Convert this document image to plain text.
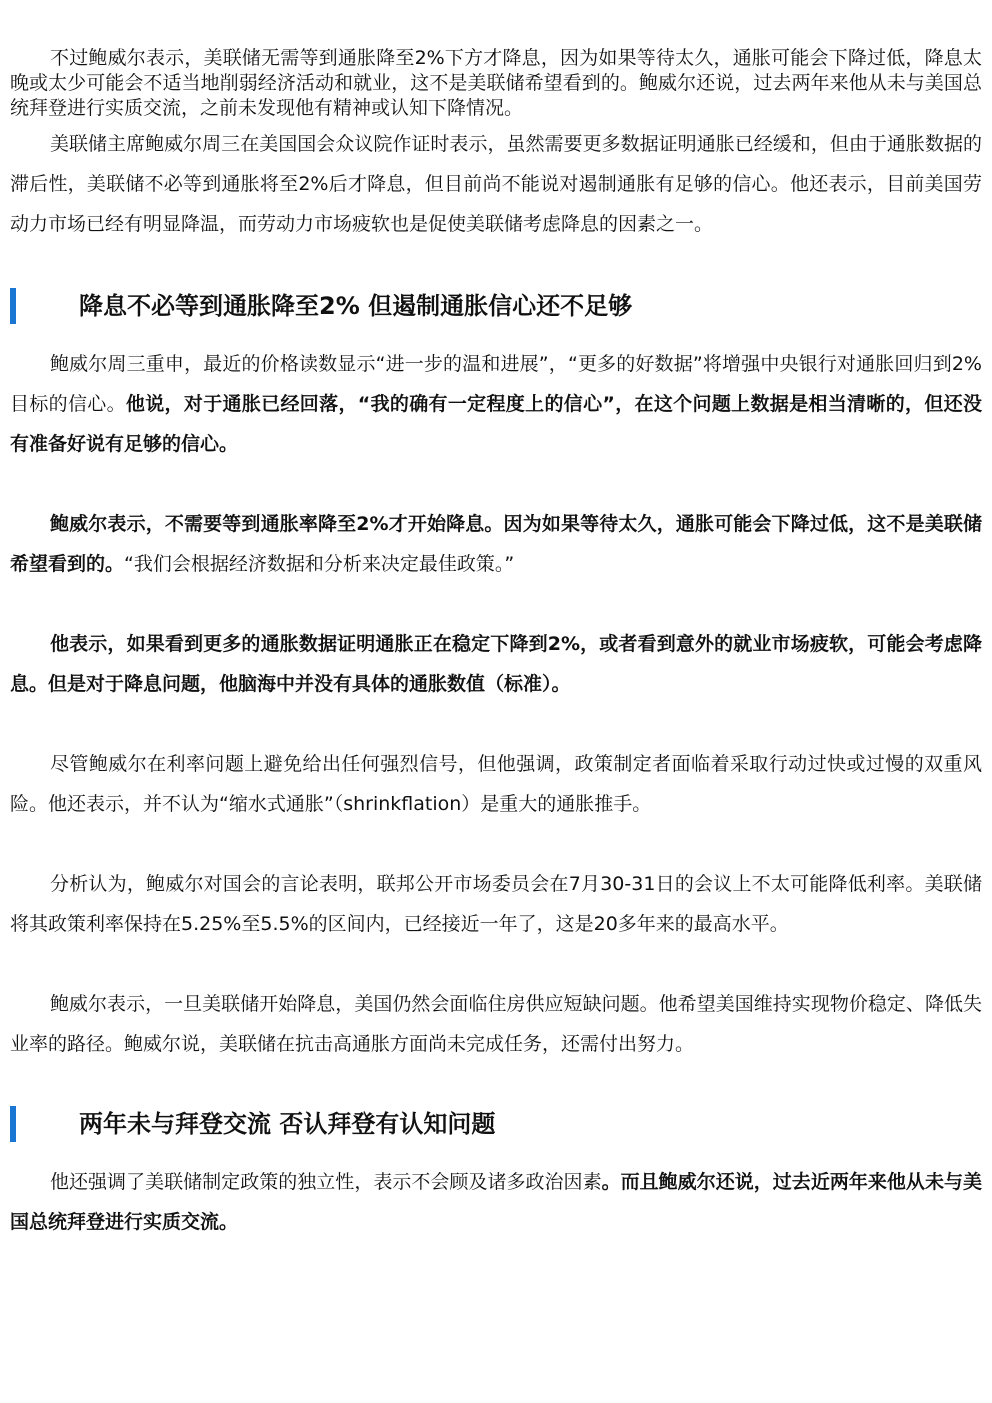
不过鲍威尔表示，美联储无需等到通胀降至2%下方才降息，因为如果等待太久，通胀可能会下降过低，降息太晚或太少可能会不适当地削弱经济活动和就业，这不是美联储希望看到的。鲍威尔还说，过去两年来他从未与美国总统拜登进行实质交流，之前未发现他有精神或认知下降情况。

美联储主席鲍威尔周三在美国国会众议院作证时表示，虽然需要更多数据证明通胀已经缓和，但由于通胀数据的滞后性，美联储不必等到通胀将至2%后才降息，但目前尚不能说对遏制通胀有足够的信心。他还表示，目前美国劳动力市场已经有明显降温，而劳动力市场疲软也是促使美联储考虑降息的因素之一。

降息不必等到通胀降至2% 但遏制通胀信心还不足够

鲍威尔周三重申，最近的价格读数显示“进一步的温和进展”，“更多的好数据”将增强中央银行对通胀回归到2%目标的信心。他说，对于通胀已经回落，“我的确有一定程度上的信心”，在这个问题上数据是相当清晰的，但还没有准备好说有足够的信心。

鲍威尔表示，不需要等到通胀率降至2%才开始降息。因为如果等待太久，通胀可能会下降过低，这不是美联储希望看到的。“我们会根据经济数据和分析来决定最佳政策。”

他表示，如果看到更多的通胀数据证明通胀正在稳定下降到2%，或者看到意外的就业市场疲软，可能会考虑降息。但是对于降息问题，他脑海中并没有具体的通胀数值（标准）。

尽管鲍威尔在利率问题上避免给出任何强烈信号，但他强调，政策制定者面临着采取行动过快或过慢的双重风险。他还表示，并不认为“缩水式通胀”（shrinkflation）是重大的通胀推手。

分析认为，鲍威尔对国会的言论表明，联邦公开市场委员会在7月30-31日的会议上不太可能降低利率。美联储将其政策利率保持在5.25%至5.5%的区间内，已经接近一年了，这是20多年来的最高水平。

鲍威尔表示，一旦美联储开始降息，美国仍然会面临住房供应短缺问题。他希望美国维持实现物价稳定、降低失业率的路径。鲍威尔说，美联储在抗击高通胀方面尚未完成任务，还需付出努力。

两年未与拜登交流 否认拜登有认知问题

他还强调了美联储制定政策的独立性，表示不会顾及诸多政治因素。而且鲍威尔还说，过去近两年来他从未与美国总统拜登进行实质交流。
